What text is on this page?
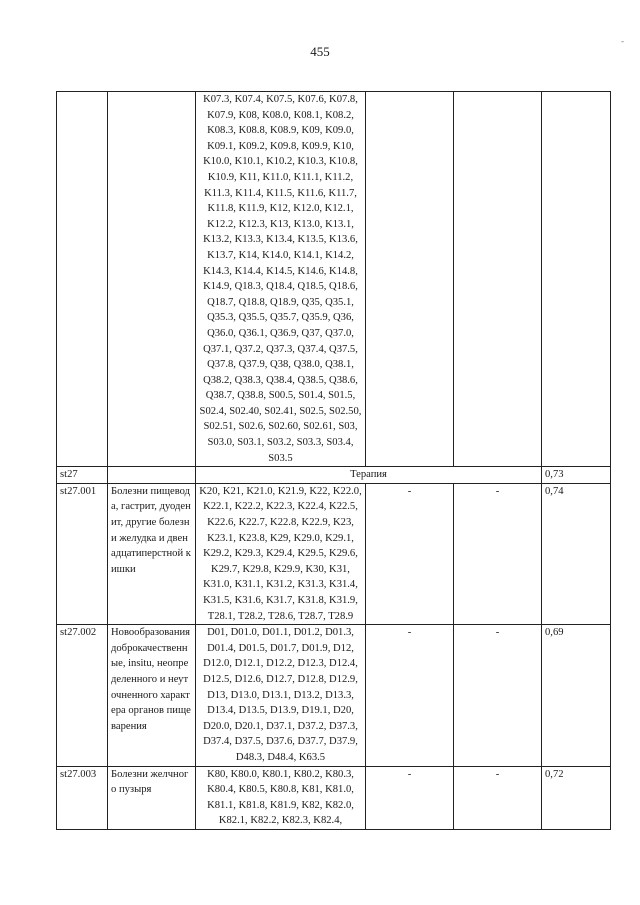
455
-
		K07.3, K07.4, K07.5, K07.6, K07.8, K07.9, K08, K08.0, K08.1, K08.2, K08.3, K08.8, K08.9, K09, K09.0, K09.1, K09.2, K09.8, K09.9, K10, K10.0, K10.1, K10.2, K10.3, K10.8, K10.9, K11, K11.0, K11.1, K11.2, K11.3, K11.4, K11.5, K11.6, K11.7, K11.8, K11.9, K12, K12.0, K12.1, K12.2, K12.3, K13, K13.0, K13.1, K13.2, K13.3, K13.4, K13.5, K13.6, K13.7, K14, K14.0, K14.1, K14.2, K14.3, K14.4, K14.5, K14.6, K14.8, K14.9, Q18.3, Q18.4, Q18.5, Q18.6, Q18.7, Q18.8, Q18.9, Q35, Q35.1, Q35.3, Q35.5, Q35.7, Q35.9, Q36, Q36.0, Q36.1, Q36.9, Q37, Q37.0, Q37.1, Q37.2, Q37.3, Q37.4, Q37.5, Q37.8, Q37.9, Q38, Q38.0, Q38.1, Q38.2, Q38.3, Q38.4, Q38.5, Q38.6, Q38.7, Q38.8, S00.5, S01.4, S01.5, S02.4, S02.40, S02.41, S02.5, S02.50, S02.51, S02.6, S02.60, S02.61, S03, S03.0, S03.1, S03.2, S03.3, S03.4, S03.5			
st27		Терапия			0,73
st27.001	Болезни пищевода, гастрит, дуоденит, другие болезни желудка и двенадцатиперстной кишки	K20, K21, K21.0, K21.9, K22, K22.0, K22.1, K22.2, K22.3, K22.4, K22.5, K22.6, K22.7, K22.8, K22.9, K23, K23.1, K23.8, K29, K29.0, K29.1, K29.2, K29.3, K29.4, K29.5, K29.6, K29.7, K29.8, K29.9, K30, K31, K31.0, K31.1, K31.2, K31.3, K31.4, K31.5, K31.6, K31.7, K31.8, K31.9, T28.1, T28.2, T28.6, T28.7, T28.9	-	-	0,74
st27.002	Новообразования доброкачественные, insitu, неопределенного и неуточненного характера органов пищеварения	D01, D01.0, D01.1, D01.2, D01.3, D01.4, D01.5, D01.7, D01.9, D12, D12.0, D12.1, D12.2, D12.3, D12.4, D12.5, D12.6, D12.7, D12.8, D12.9, D13, D13.0, D13.1, D13.2, D13.3, D13.4, D13.5, D13.9, D19.1, D20, D20.0, D20.1, D37.1, D37.2, D37.3, D37.4, D37.5, D37.6, D37.7, D37.9, D48.3, D48.4, K63.5	-	-	0,69
st27.003	Болезни желчного пузыря	K80, K80.0, K80.1, K80.2, K80.3, K80.4, K80.5, K80.8, K81, K81.0, K81.1, K81.8, K81.9, K82, K82.0, K82.1, K82.2, K82.3, K82.4,	-	-	0,72
